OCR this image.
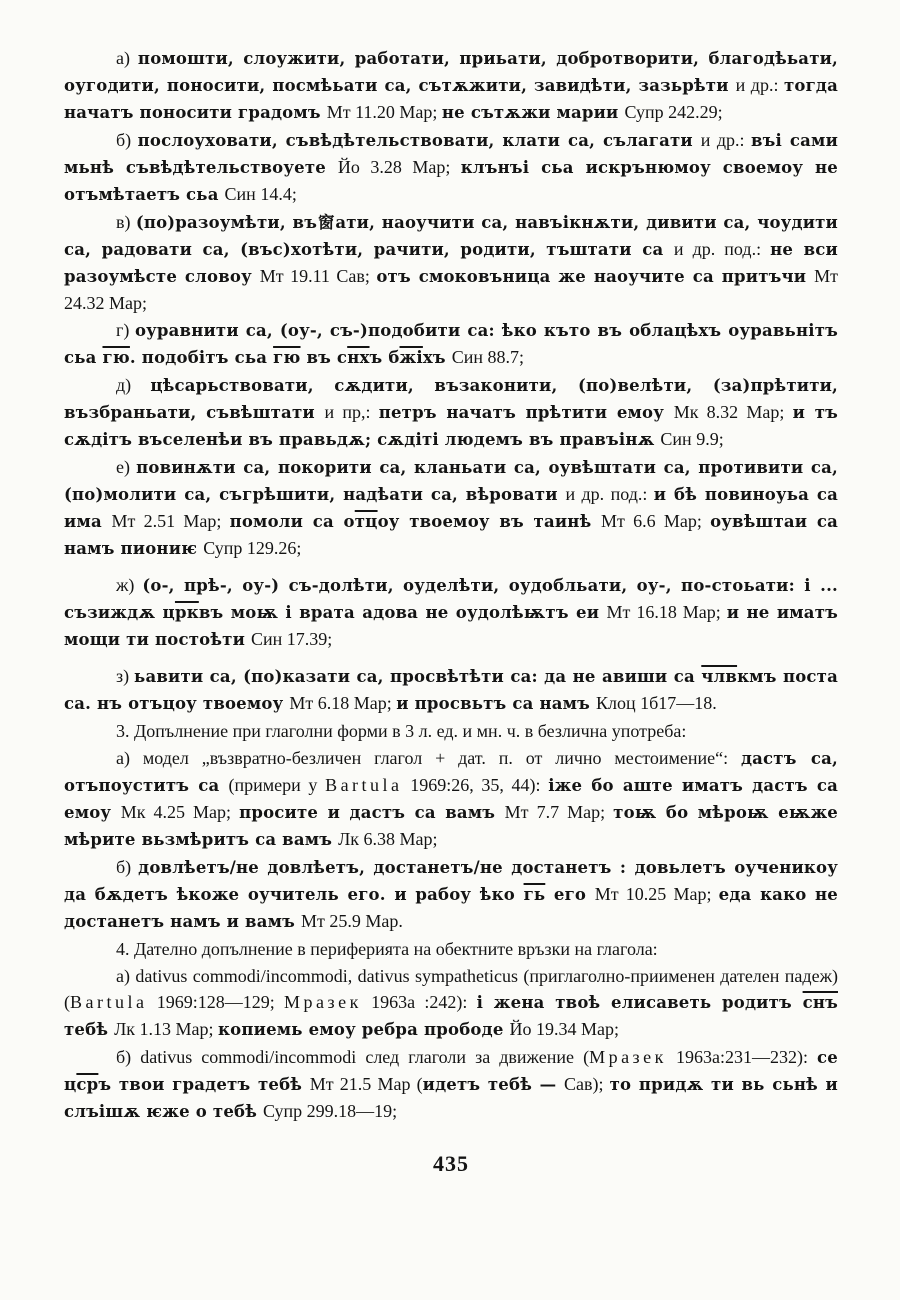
а) помошти, слоужити, работати, приьати, добротворити, благодѣьати, оугодити, поносити, посмѣьати са, сътѫжити, завидѣти, зазьрѣти и др.: тогда начатъ поносити градомъ Мт 11.20 Мар; не сътѫжи марии Супр 242.29;

б) послоуховати, съвѣдѣтельствовати, клати са, сълагати и др.: въі сами мьнѣ съвѣдѣтельствоуете Йо 3.28 Мар; клънъі сьа искрънюмоу своемоу не отъмѣтаетъ сьа Син 14.4;

в) (по)разоумѣти, въ窗ати, наоучити са, навъікнѫти, дивити са, чоудити са, радовати са, (въс)хотѣти, рачити, родити, тъштати са и др. под.: не вси разоумѣсте словоу Мт 19.11 Сав; отъ смоковъница же наоучите са притъчи Мт 24.32 Мар;

г) оуравнити са, (оу-, съ-)подобити са: ѣко къто въ облацѣхъ оуравьнітъ сьа гю. подобітъ сьа гю въ снхъ бжіхъ Син 88.7;

д) цѣсарьствовати, сѫдити, възаконити, (по)велѣти, (за)прѣтити, възбраньати, съвѣштати и пр,: петръ начатъ прѣтити емоу Мк 8.32 Мар; и тъ сѫдітъ въселенѣи въ правьдѫ; сѫдіті людемъ въ правъінѫ Син 9.9;

е) повинѫти са, покорити са, кланьати са, оувѣштати са, противити са, (по)молити са, съгрѣшити, надѣати са, вѣровати и др. под.: и бѣ повиноуьа са има Мт 2.51 Мар; помоли са отцоу твоемоу въ таинѣ Мт 6.6 Мар; оувѣштаи са намъ пиониѥ Супр 129.26;

ж) (о-, прѣ-, оу-) съ-долѣти, оуделѣти, оудобльати, оу-, по-стоьати: і ... съзиждѫ црквъ моѭ і врата адова не оудолѣѭтъ еи Мт 16.18 Мар; и не иматъ мощи ти постоѣти Син 17.39;

з) ьавити са, (по)казати са, просвѣтѣти са: да не авиши са члвкмъ поста са. нъ отъцоу твоемоу Мт 6.18 Мар; и просвьтъ са намъ Клоц 1б17—18.

3. Допълнение при глаголни форми в 3 л. ед. и мн. ч. в безлична употреба:

а) модел „възвратно-безличен глагол + дат. п. от лично местоимение“: дастъ са, отъпоуститъ са (примери у Bartula 1969:26, 35, 44): іже бо аште иматъ дастъ са емоу Мк 4.25 Мар; просите и дастъ са вамъ Мт 7.7 Мар; тоѭ бо мѣроѭ еѭже мѣрите вьзмѣритъ са вамъ Лк 6.38 Мар;

б) довлѣетъ/не довлѣетъ, достанетъ/не достанетъ : довьлетъ оученикоу да бѫдетъ ѣкоже оучитель его. и рабоу ѣко гь его Мт 10.25 Мар; еда како не достанетъ намъ и вамъ Мт 25.9 Мар.

4. Дателно допълнение в периферията на обектните връзки на глагола:

а) dativus commodi/incommodi, dativus sympatheticus (приглаголно-приименен дателен падеж)(Bartula 1969:128—129; Мразек 1963а :242): і жена твоѣ елисаветь родитъ снъ тебѣ Лк 1.13 Мар; копиемь емоу ребра прободе Йо 19.34 Мар;

б) dativus commodi/incommodi след глаголи за движение (Мразек 1963а:231—232): се цсръ твои градетъ тебѣ Мт 21.5 Мар (идетъ тебѣ — Сав); то придѫ ти вь сьнѣ и слъішѫ ѥже о тебѣ Супр 299.18—19;

435
